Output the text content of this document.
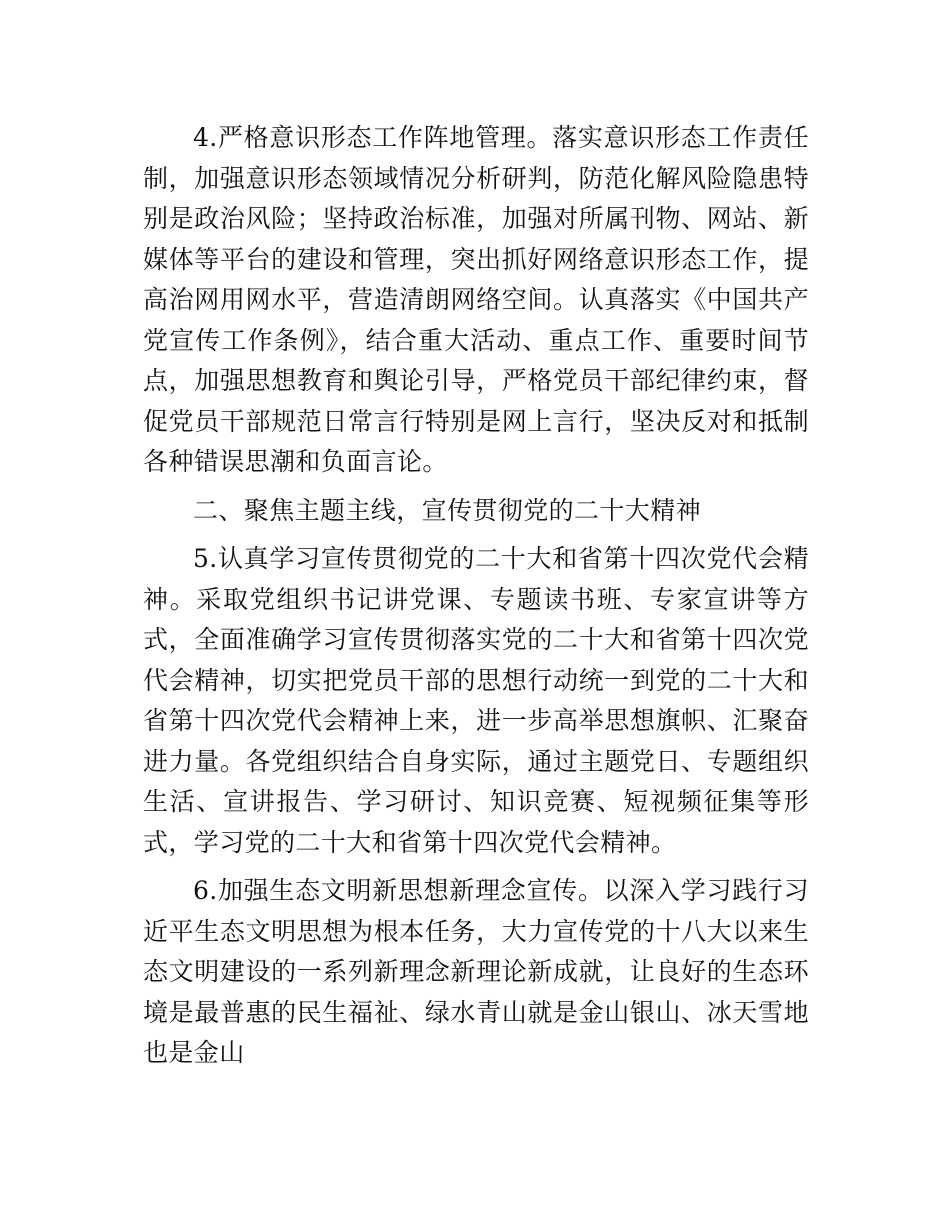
4.严格意识形态工作阵地管理。落实意识形态工作责任制，加强意识形态领域情况分析研判，防范化解风险隐患特别是政治风险；坚持政治标准，加强对所属刊物、网站、新媒体等平台的建设和管理，突出抓好网络意识形态工作，提高治网用网水平，营造清朗网络空间。认真落实《中国共产党宣传工作条例》，结合重大活动、重点工作、重要时间节点，加强思想教育和舆论引导，严格党员干部纪律约束，督促党员干部规范日常言行特别是网上言行，坚决反对和抵制各种错误思潮和负面言论。

二、聚焦主题主线，宣传贯彻党的二十大精神

5.认真学习宣传贯彻党的二十大和省第十四次党代会精神。采取党组织书记讲党课、专题读书班、专家宣讲等方式，全面准确学习宣传贯彻落实党的二十大和省第十四次党代会精神，切实把党员干部的思想行动统一到党的二十大和省第十四次党代会精神上来，进一步高举思想旗帜、汇聚奋进力量。各党组织结合自身实际，通过主题党日、专题组织生活、宣讲报告、学习研讨、知识竞赛、短视频征集等形式，学习党的二十大和省第十四次党代会精神。

6.加强生态文明新思想新理念宣传。以深入学习践行习近平生态文明思想为根本任务，大力宣传党的十八大以来生态文明建设的一系列新理念新理论新成就，让良好的生态环境是最普惠的民生福祉、绿水青山就是金山银山、冰天雪地也是金山
